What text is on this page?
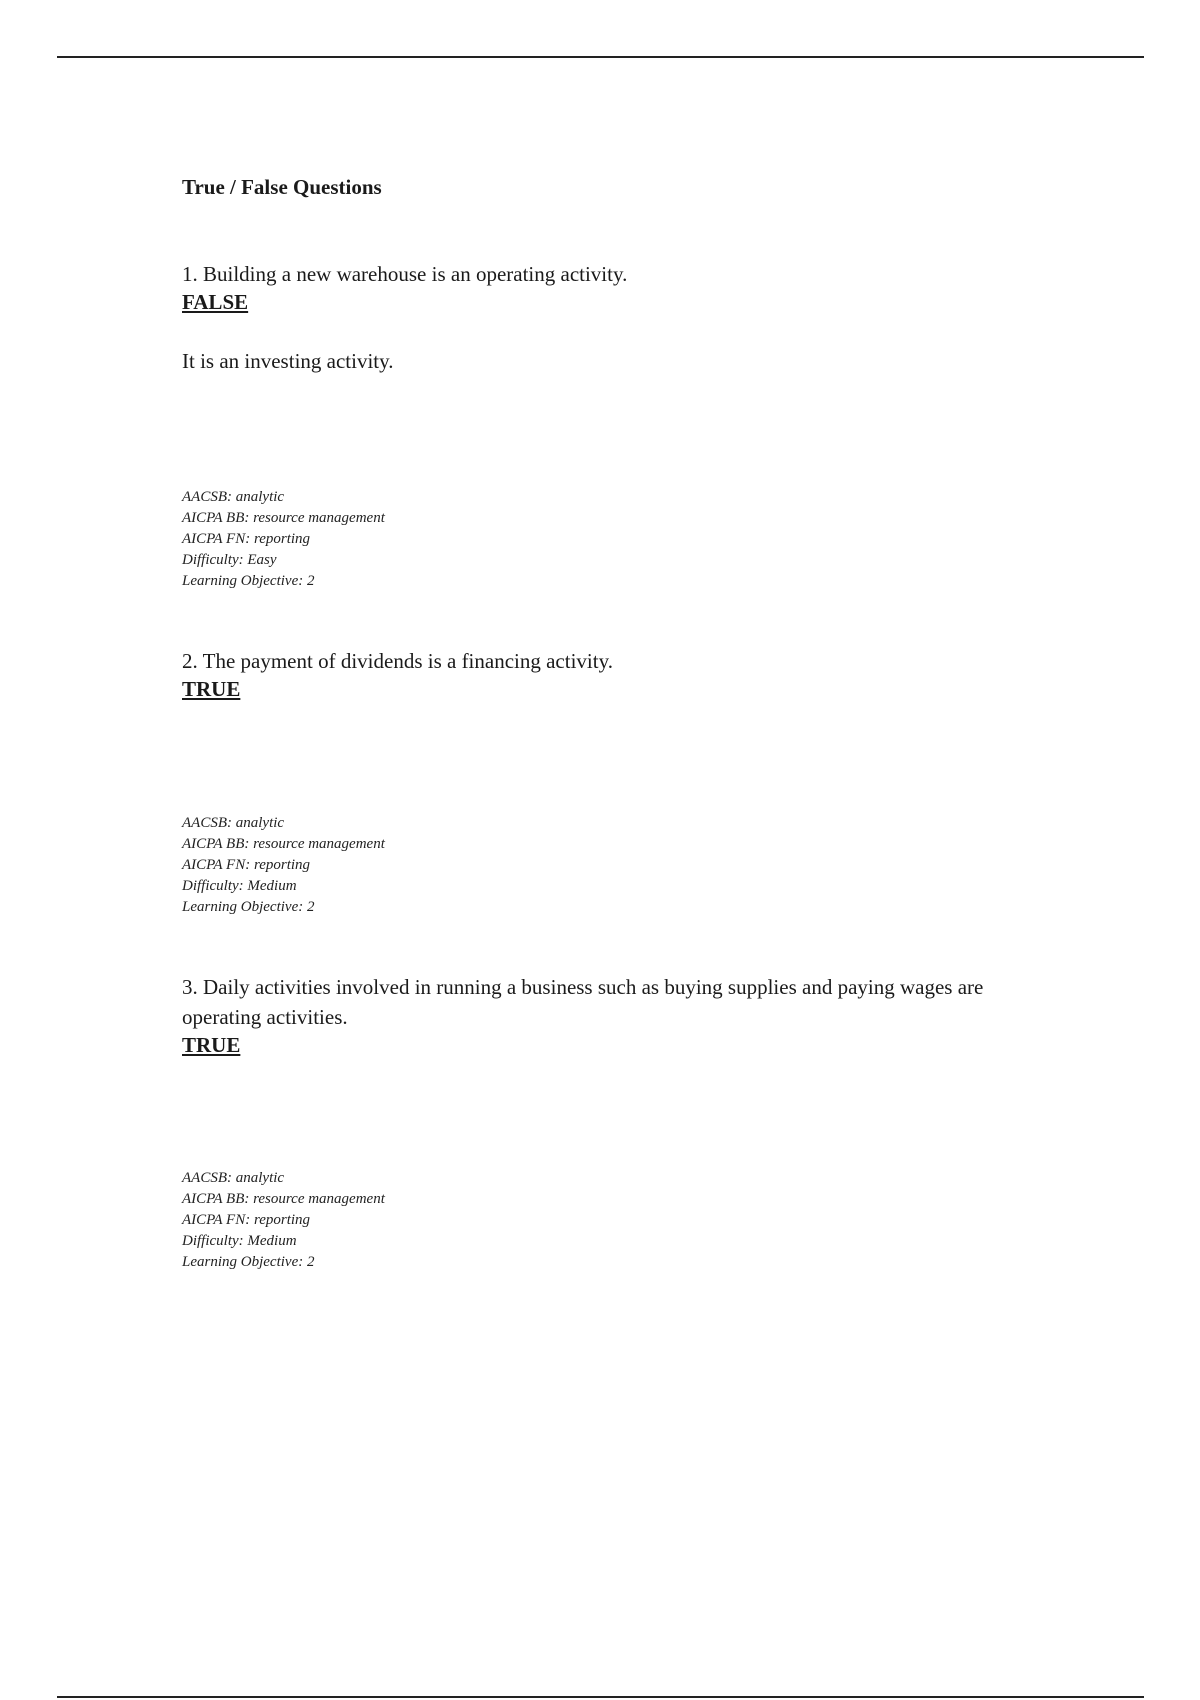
True / False Questions
1. Building a new warehouse is an operating activity.
FALSE
It is an investing activity.
AACSB: analytic
AICPA BB: resource management
AICPA FN: reporting
Difficulty: Easy
Learning Objective: 2
2. The payment of dividends is a financing activity.
TRUE
AACSB: analytic
AICPA BB: resource management
AICPA FN: reporting
Difficulty: Medium
Learning Objective: 2
3. Daily activities involved in running a business such as buying supplies and paying wages are operating activities.
TRUE
AACSB: analytic
AICPA BB: resource management
AICPA FN: reporting
Difficulty: Medium
Learning Objective: 2
